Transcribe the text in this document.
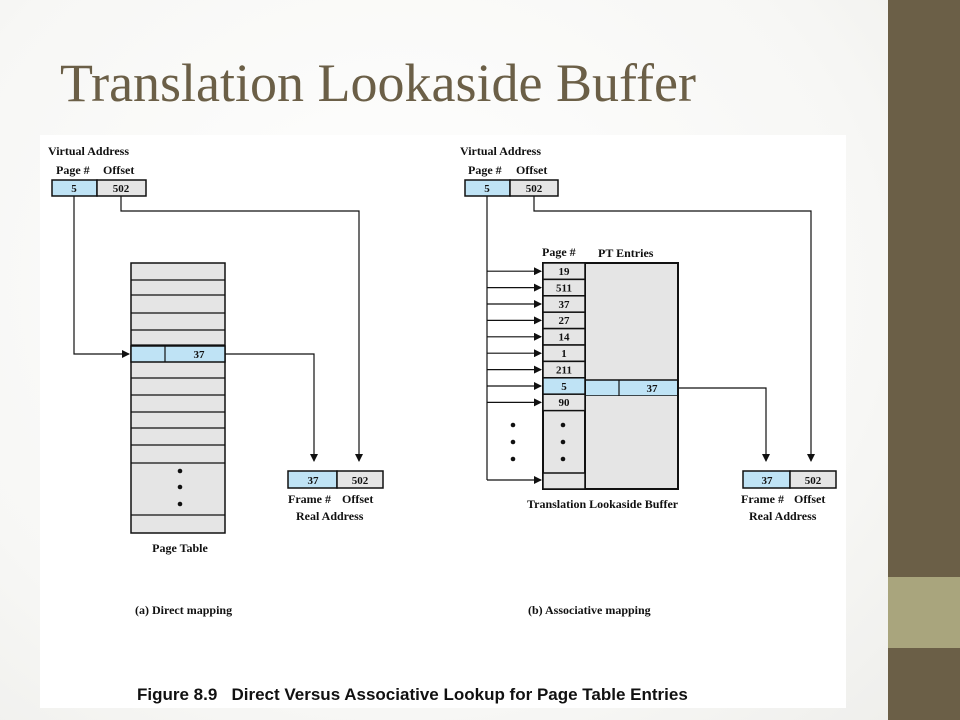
Translation Lookaside Buffer
Virtual Address
Page # Offset
5	502
37
Page Table
37	502
Frame # Offset
Real Address
(a) Direct mapping
Virtual Address
Page # Offset
5	502
Page # PT Entries
37
19
511
37
27
14
1
211
5
90
37	502
Frame # Offset
Real Address
Translation Lookaside Buffer
(b) Associative mapping
Figure 8.9   Direct Versus Associative Lookup for Page Table Entries
